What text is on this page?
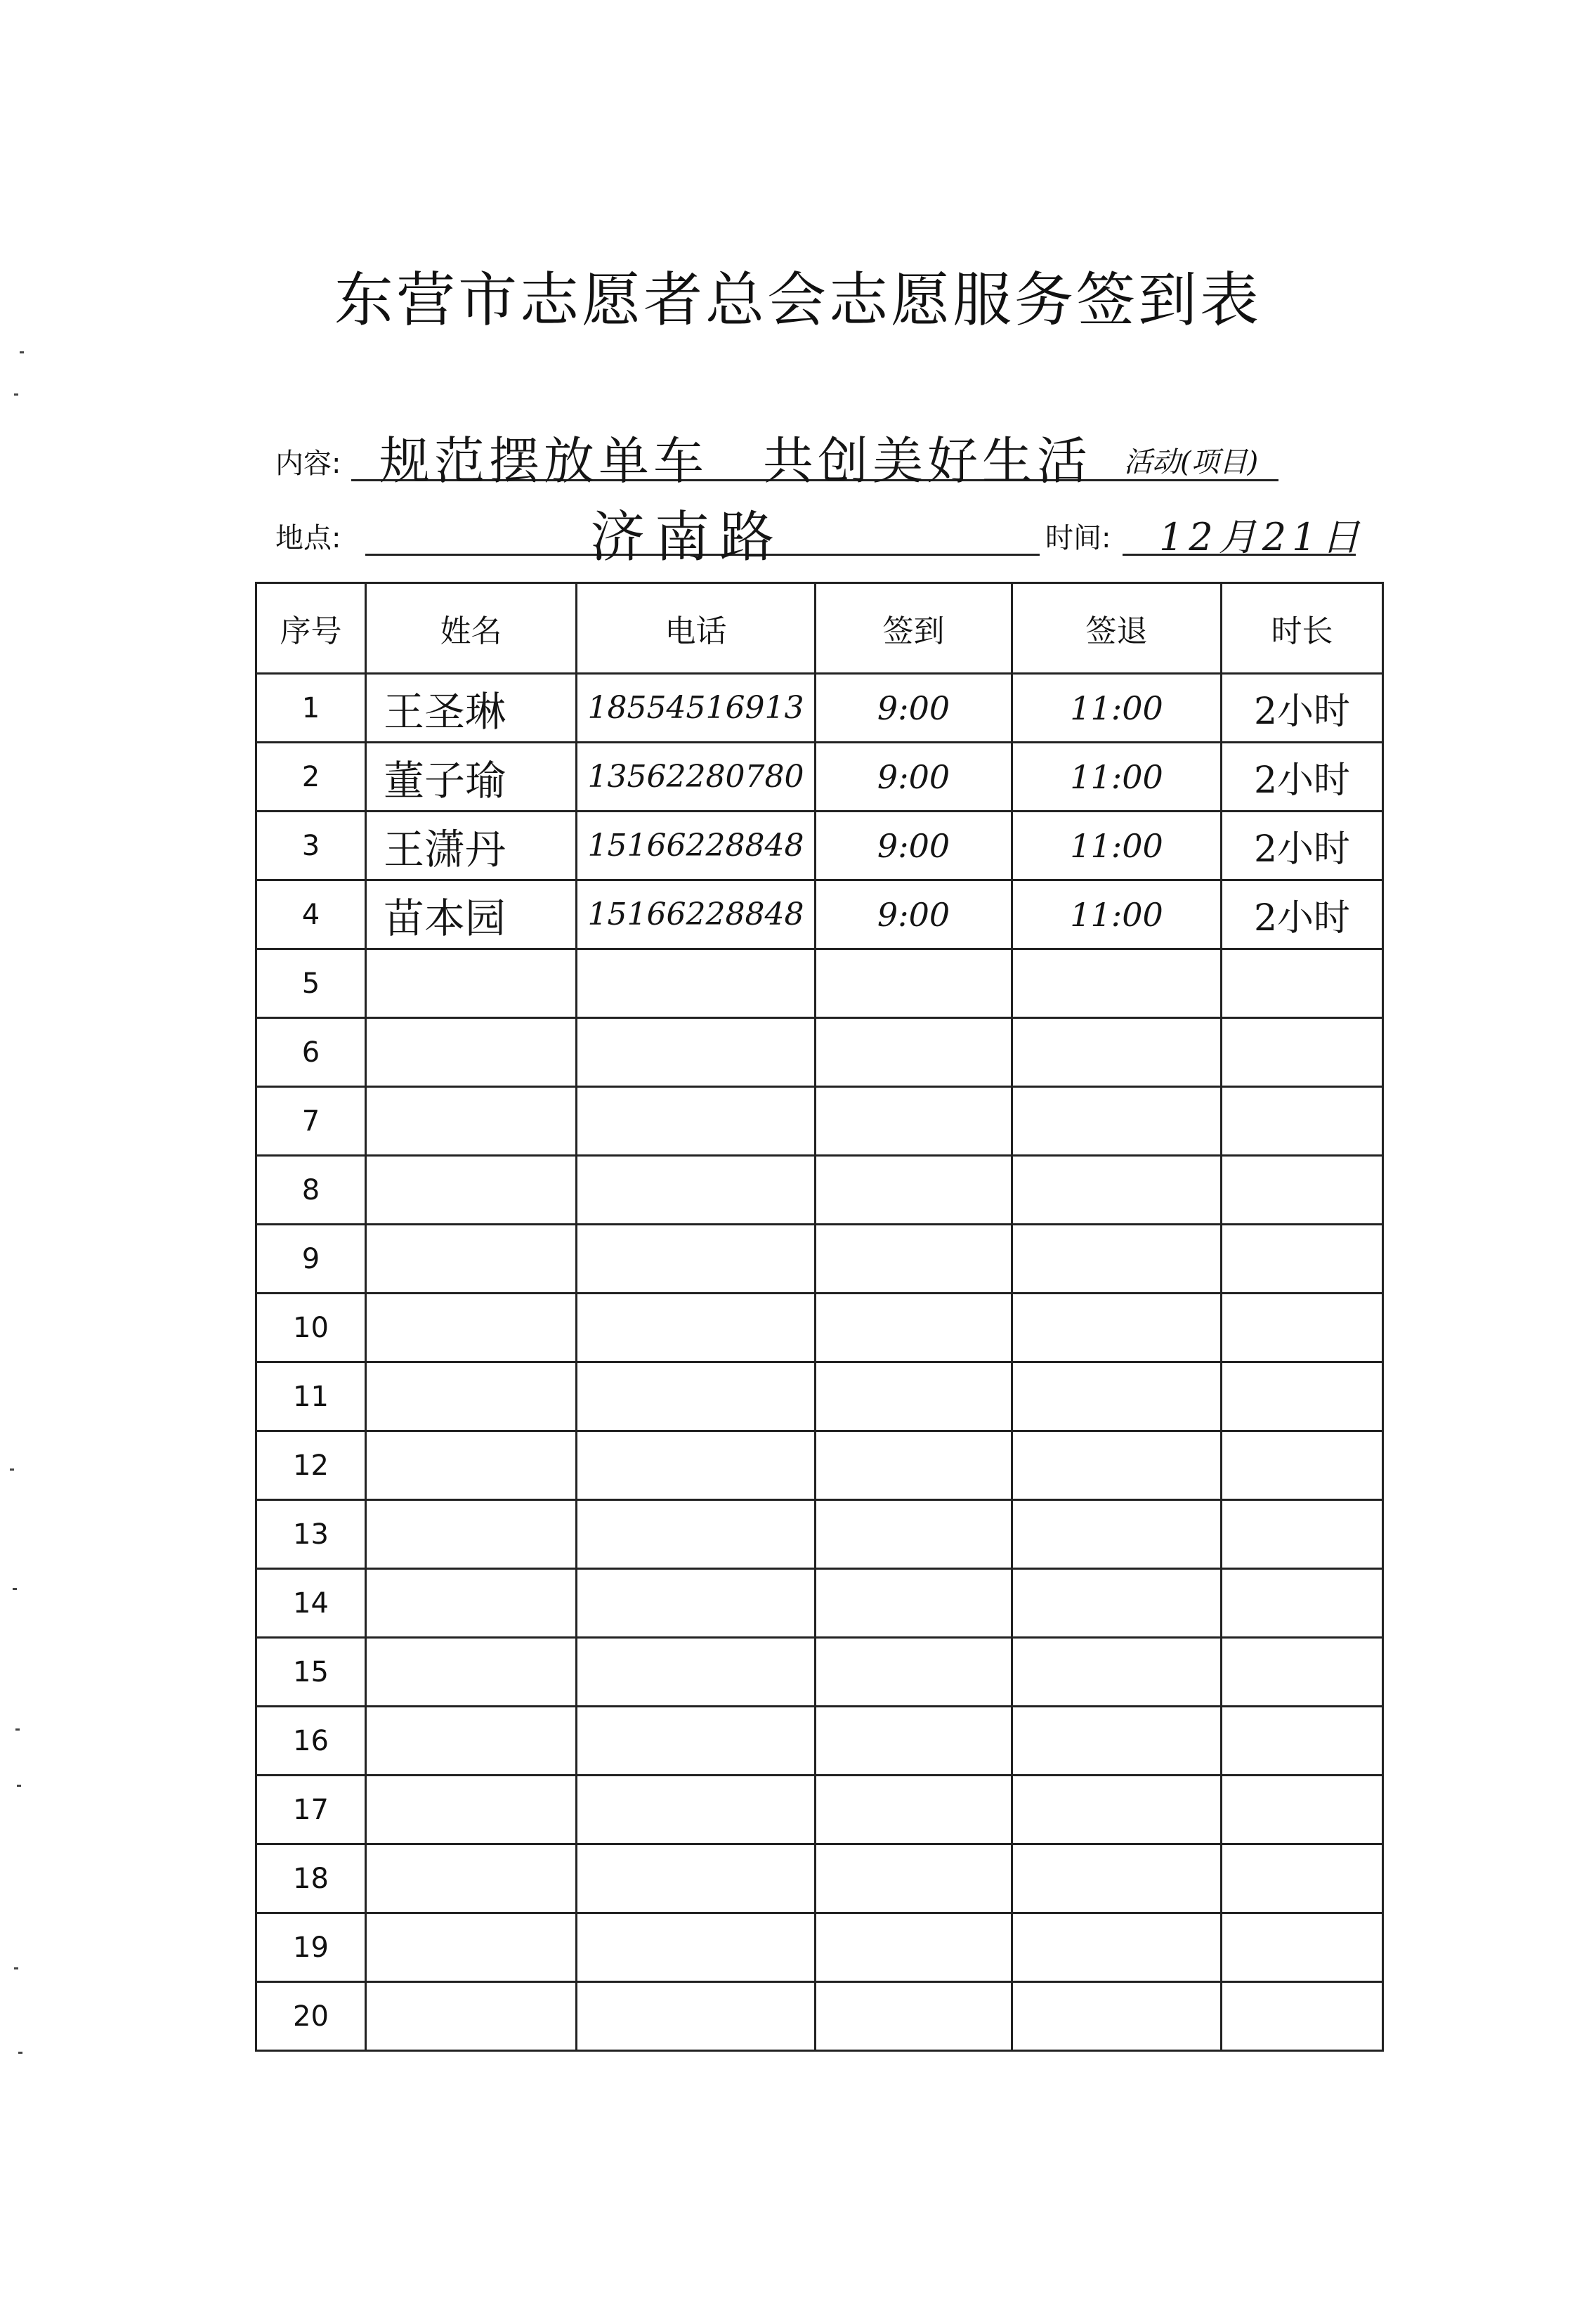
东营市志愿者总会志愿服务签到表
内容: 规范摆放单车　共创美好生活 活动(项目)
地点:	济南路	时间: 12月21日
序号	姓名	电话	签到	签退	时长
1	王圣琳	18554516913	9:00	11:00	2小时
2	董子瑜	13562280780	9:00	11:00	2小时
3	王潇丹	15166228848	9:00	11:00	2小时
4	苗本园	15166228848	9:00	11:00	2小时
5					
6					
7					
8					
9					
10					
11					
12					
13					
14					
15					
16					
17					
18					
19					
20					
